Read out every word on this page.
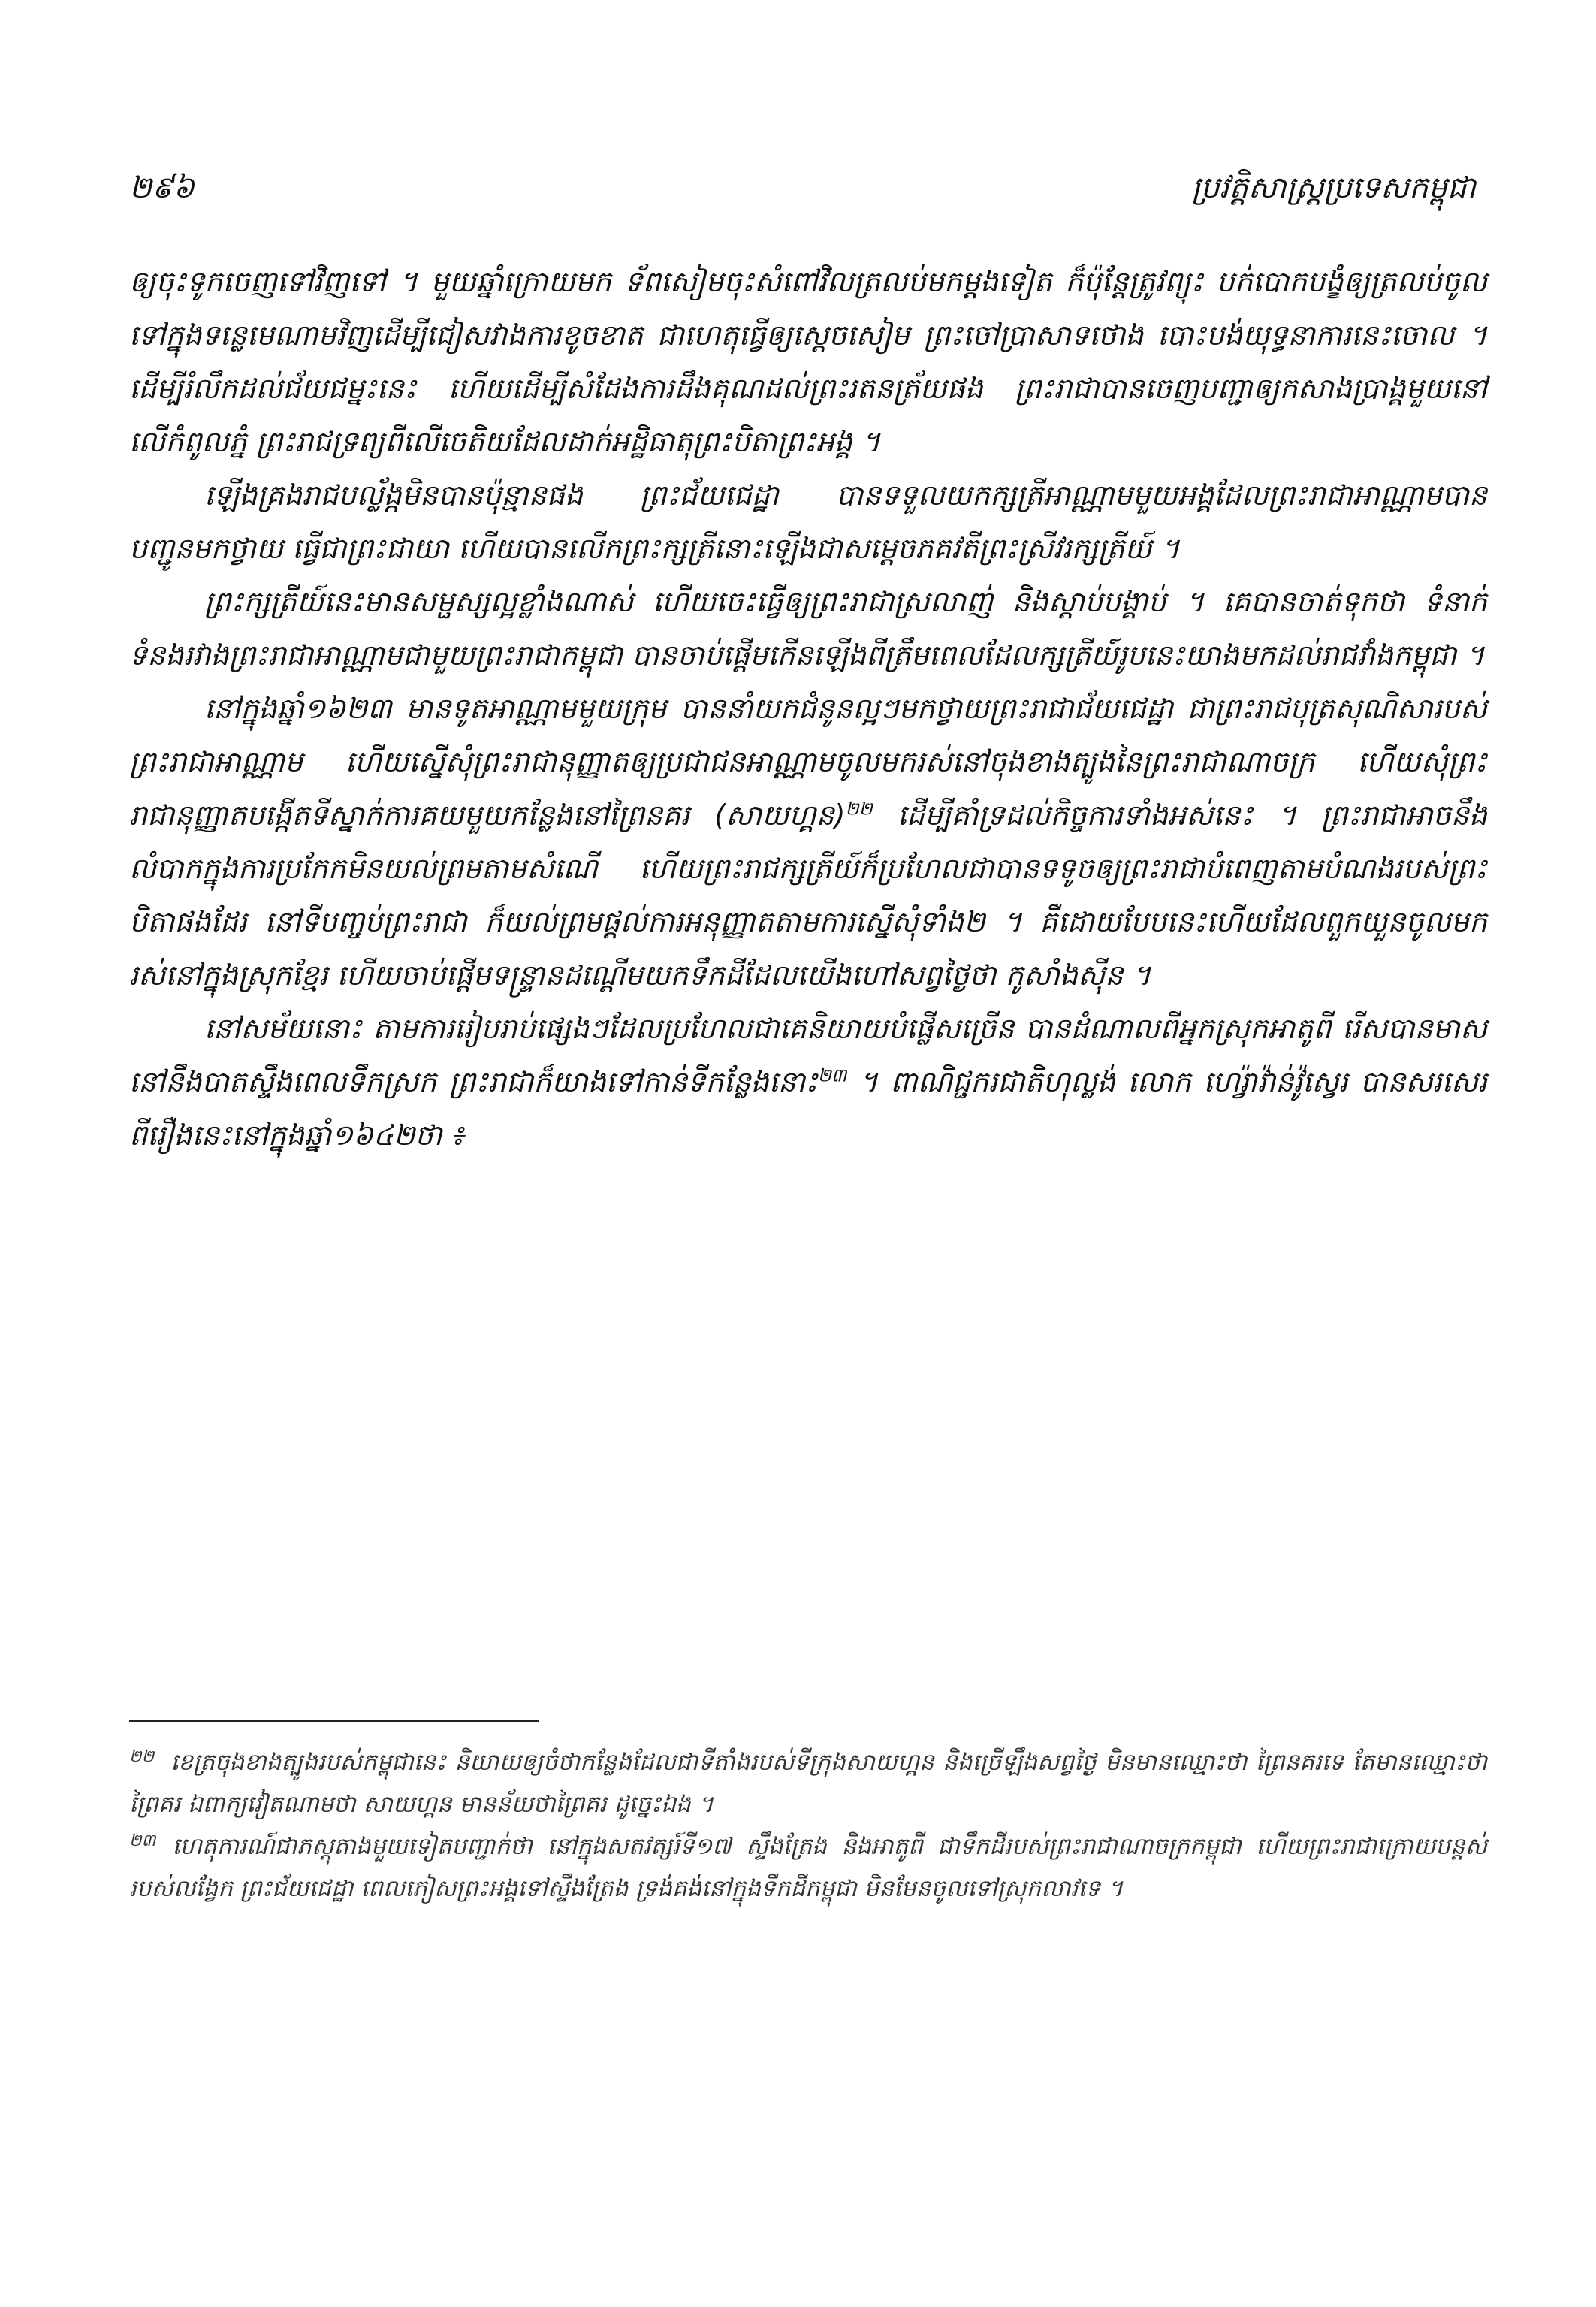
២៩៦	ប្រវត្តិសាស្ត្រប្រទេសកម្ពុជា

ឲ្យចុះទូកចេញទៅវិញទៅ ។ មួយឆ្នាំក្រោយមក ទ័ពសៀមចុះសំពៅវិលត្រលប់មកម្ដងទៀត ក៏ប៉ុន្តែត្រូវព្យុះ បក់បោកបង្ខំឲ្យត្រលប់ចូលទៅក្នុងទន្លេមេណាមវិញដើម្បីជៀសវាងការខូចខាត ជាហេតុធ្វើឲ្យស្ដេចសៀម ព្រះចៅប្រាសាទថោង បោះបង់យុទ្ធនាការនេះចោល ។ ដើម្បីរំលឹកដល់ជ័យជម្នះនេះ ហើយដើម្បីសំដែងការដឹងគុណដល់ព្រះរតនត្រ័យផង ព្រះរាជាបានចេញបញ្ជាឲ្យកសាងប្រាង្គមួយនៅលើកំពូលភ្នំ ព្រះរាជទ្រព្យពីលើចេតិយដែលដាក់អដ្ឋិធាតុព្រះបិតាព្រះអង្គ ។

ឡើងគ្រងរាជបល្ល័ង្កមិនបានប៉ុន្មានផង ព្រះជ័យជេដ្ឋា បានទទួលយកក្សត្រីអាណ្ណាមមួយអង្គដែលព្រះរាជាអាណ្ណាមបានបញ្ជូនមកថ្វាយ ធ្វើជាព្រះជាយា ហើយបានលើកព្រះក្សត្រីនោះឡើងជាសម្ដេចភគវតីព្រះស្រីវរក្សត្រីយ៍ ។

ព្រះក្សត្រីយ៍នេះមានសម្ផស្សល្អខ្លាំងណាស់ ហើយចេះធ្វើឲ្យព្រះរាជាស្រលាញ់ និងស្ដាប់បង្គាប់ ។ គេបានចាត់ទុកថា ទំនាក់ទំនងរវាងព្រះរាជាអាណ្ណាមជាមួយព្រះរាជាកម្ពុជា បានចាប់ផ្ដើមកើនឡើងពីត្រឹមពេលដែលក្សត្រីយ៍រូបនេះយាងមកដល់រាជវាំងកម្ពុជា ។

នៅក្នុងឆ្នាំ១៦២៣ មានទូតអាណ្ណាមមួយក្រុម បាននាំយកជំនូនល្អៗមកថ្វាយព្រះរាជាជ័យជេដ្ឋា ជាព្រះរាជបុត្រសុណិសារបស់ព្រះរាជាអាណ្ណាម ហើយស្នើសុំព្រះរាជានុញ្ញាតឲ្យប្រជាជនអាណ្ណាមចូលមករស់នៅចុងខាងត្បូងនៃព្រះរាជាណាចក្រ ហើយសុំព្រះរាជានុញ្ញាតបង្កើតទីស្នាក់ការគយមួយកន្លែងនៅព្រៃនគរ (សាយហ្គន)$^{២២}$ ដើម្បីគាំទ្រដល់កិច្ចការទាំងអស់នេះ ។ ព្រះរាជាអាចនឹងលំបាកក្នុងការប្រកែកមិនយល់ព្រមតាមសំណើ ហើយព្រះរាជក្សត្រីយ៍ក៏ប្រហែលជាបានទទូចឲ្យព្រះរាជាបំពេញតាមបំណងរបស់ព្រះបិតាផងដែរ នៅទីបញ្ចប់ព្រះរាជា ក៏យល់ព្រមផ្ដល់ការអនុញ្ញាតតាមការស្នើសុំទាំង២ ។ គឺដោយបែបនេះហើយដែលពួកយួនចូលមករស់នៅក្នុងស្រុកខ្មែរ ហើយចាប់ផ្ដើមទន្ទ្រានដណ្ដើមយកទឹកដីដែលយើងហៅសព្វថ្ងៃថា កូសាំងស៊ីន ។

នៅសម័យនោះ តាមការរៀបរាប់ផ្សេងៗដែលប្រហែលជាគេនិយាយបំផ្លើសច្រើន បានដំណាលពីអ្នកស្រុកអាតូពី រើសបានមាសនៅនឹងបាតស្ទឹងពេលទឹកស្រក ព្រះរាជាក៏យាងទៅកាន់ទីកន្លែងនោះ$^{២៣}$ ។ ពាណិជ្ជករជាតិហុល្លង់ លោក ហេរ្វ៉ាវ៉ាន់វ៉ូស្វេរ បានសរសេរពីរឿងនេះនៅក្នុងឆ្នាំ១៦៤២ថា ៖

$^{២២}$ ខេត្រចុងខាងត្បូងរបស់កម្ពុជានេះ និយាយឲ្យចំថាកន្លែងដែលជាទីតាំងរបស់ទីក្រុងសាយហ្គន និងច្រើឡឹងសព្វថ្ងៃ មិនមានឈ្មោះថា ព្រៃនគរទេ តែមានឈ្មោះថា ព្រៃគរ ឯពាក្យវៀតណាមថា សាយហ្គន មានន័យថាព្រៃគរ ដូច្នេះឯង ។

$^{២៣}$ ហេតុការណ៍ជាភស្តុតាងមួយទៀតបញ្ជាក់ថា នៅក្នុងសតវត្សរ៍ទី១៧ ស្ទឹងត្រែង និងអាតូពី ជាទឹកដីរបស់ព្រះរាជាណាចក្រកម្ពុជា ហើយព្រះរាជាក្រោយបន្តស់របស់លង្វែក ព្រះជ័យជេដ្ឋា ពេលភៀសព្រះអង្គទៅស្ទឹងត្រែង ទ្រង់គង់នៅក្នុងទឹកដីកម្ពុជា មិនមែនចូលទៅស្រុកលាវទេ ។
